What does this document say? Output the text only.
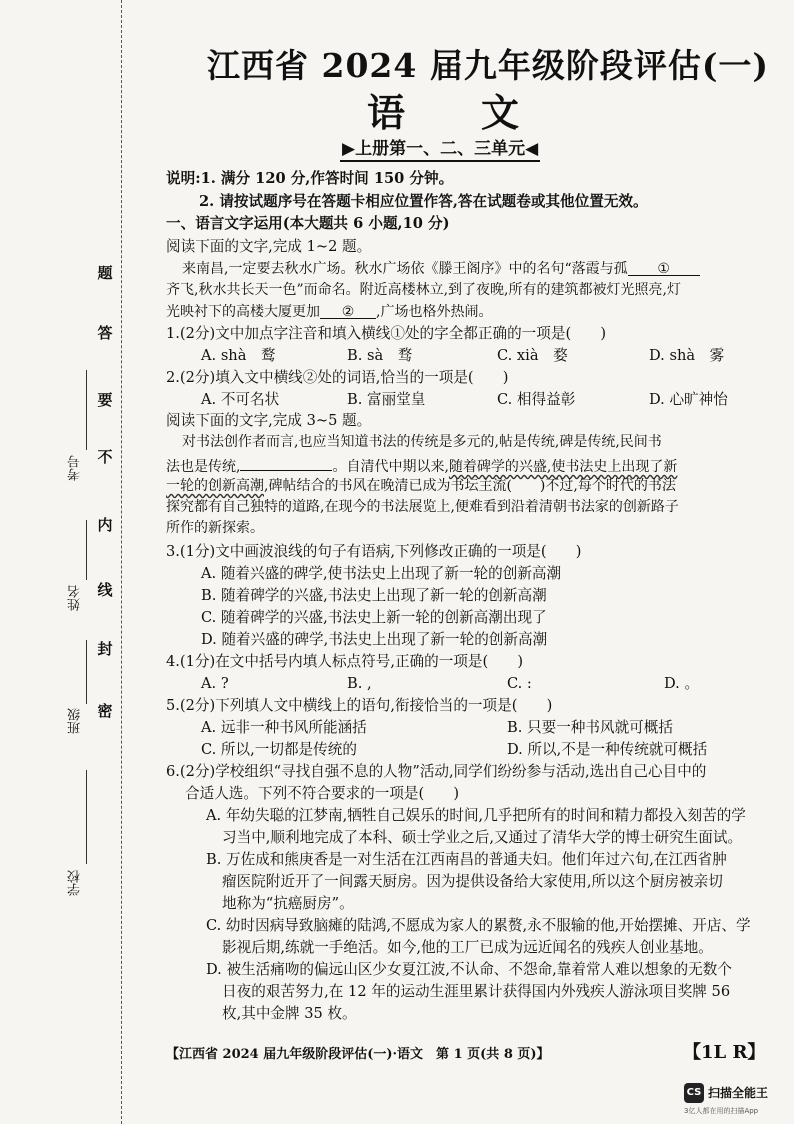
题
答
要
不
内
线
封
密
考号
姓名
班级
学校
江西省 2024 届九年级阶段评估(一)
语　　文
▶上册第一、二、三单元◀
说明:1. 满分 120 分,作答时间 150 分钟。
2. 请按试题序号在答题卡相应位置作答,答在试题卷或其他位置无效。
一、语言文字运用(本大题共 6 小题,10 分)
阅读下面的文字,完成 1~2 题。
来南昌,一定要去秋水广场。秋水广场依《滕王阁序》中的名句“落霞与孤 ①
齐飞,秋水共长天一色”而命名。附近高楼林立,到了夜晚,所有的建筑都被灯光照亮,灯
光映衬下的高楼大厦更加 ② ,广场也格外热闹。
1.(2分)文中加点字注音和填入横线①处的字全都正确的一项是(　　)
A. shà　鹜	B. sà　骛	C. xià　婺	D. shà　雾
2.(2分)填入文中横线②处的词语,恰当的一项是(　　)
A. 不可名状	B. 富丽堂皇	C. 相得益彰	D. 心旷神怡
阅读下面的文字,完成 3~5 题。
对书法创作者而言,也应当知道书法的传统是多元的,帖是传统,碑是传统,民间书
法也是传统,	。自清代中期以来,随着碑学的兴盛,使书法史上出现了新
一轮的创新高潮,碑帖结合的书风在晚清已成为书坛主流(　　)不过,每个时代的书法
探究都有自己独特的道路,在现今的书法展览上,便难看到沿着清朝书法家的创新路子
所作的新探索。
3.(1分)文中画波浪线的句子有语病,下列修改正确的一项是(　　)
A. 随着兴盛的碑学,使书法史上出现了新一轮的创新高潮
B. 随着碑学的兴盛,书法史上出现了新一轮的创新高潮
C. 随着碑学的兴盛,书法史上新一轮的创新高潮出现了
D. 随着兴盛的碑学,书法史上出现了新一轮的创新高潮
4.(1分)在文中括号内填人标点符号,正确的一项是(　　)
A. ?	B. ,	C. :	D. 。
5.(2分)下列填人文中横线上的语句,衔接恰当的一项是(　　)
A. 远非一种书风所能涵括	B. 只要一种书风就可概括
C. 所以,一切都是传统的	D. 所以,不是一种传统就可概括
6.(2分)学校组织“寻找自强不息的人物”活动,同学们纷纷参与活动,选出自己心目中的
合适人选。下列不符合要求的一项是(　　)
A. 年幼失聪的江梦南,牺牲自己娱乐的时间,几乎把所有的时间和精力都投入刻苦的学
习当中,顺利地完成了本科、硕士学业之后,又通过了清华大学的博士研究生面试。
B. 万佐成和熊庚香是一对生活在江西南昌的普通夫妇。他们年过六旬,在江西省肿
瘤医院附近开了一间露天厨房。因为提供设备给大家使用,所以这个厨房被亲切
地称为“抗癌厨房”。
C. 幼时因病导致脑瘫的陆鸿,不愿成为家人的累赘,永不服输的他,开始摆摊、开店、学
影视后期,练就一手绝活。如今,他的工厂已成为远近闻名的残疾人创业基地。
D. 被生活痛吻的偏远山区少女夏江波,不认命、不怨命,靠着常人难以想象的无数个
日夜的艰苦努力,在 12 年的运动生涯里累计获得国内外残疾人游泳项目奖牌 56
枚,其中金牌 35 枚。
【江西省 2024 届九年级阶段评估(一)·语文　第 1 页(共 8 页)】	【1L R】
CS 扫描全能王
3亿人都在用的扫描App
